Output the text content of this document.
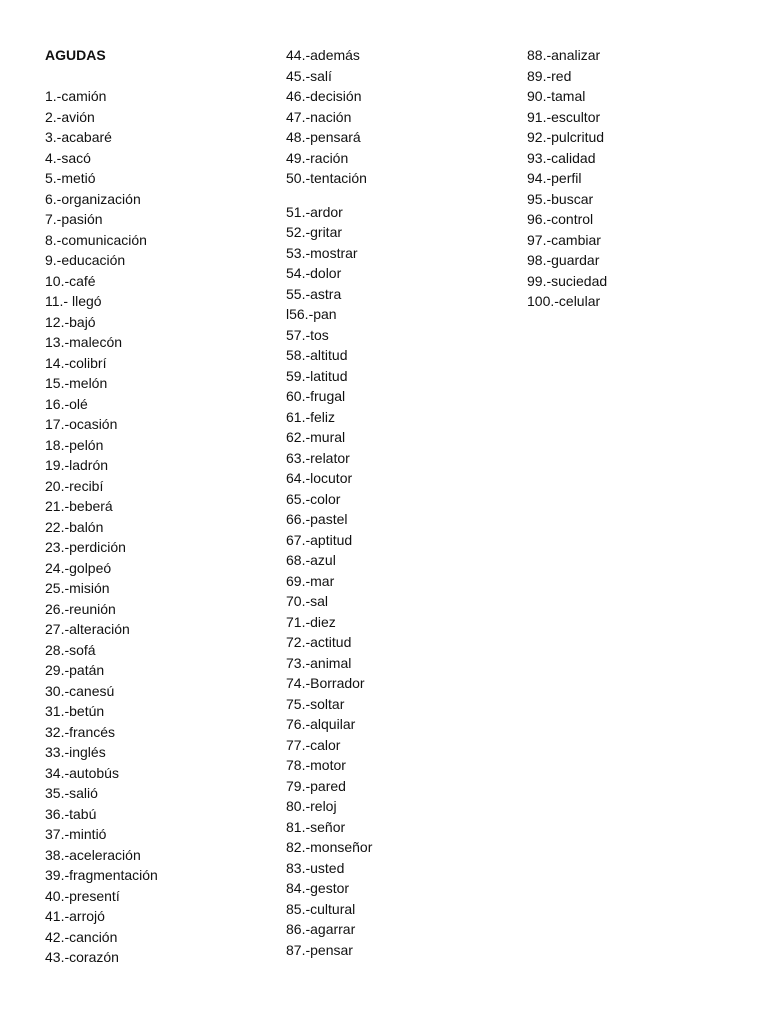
AGUDAS
1.-camión
2.-avión
3.-acabaré
4.-sacó
5.-metió
6.-organización
7.-pasión
8.-comunicación
9.-educación
10.-café
11.- llegó
12.-bajó
13.-malecón
14.-colibrí
15.-melón
16.-olé
17.-ocasión
18.-pelón
19.-ladrón
20.-recibí
21.-beberá
22.-balón
23.-perdición
24.-golpeó
25.-misión
26.-reunión
27.-alteración
28.-sofá
29.-patán
30.-canesú
31.-betún
32.-francés
33.-inglés
34.-autobús
35.-salió
36.-tabú
37.-mintió
38.-aceleración
39.-fragmentación
40.-presentí
41.-arrojó
42.-canción
43.-corazón
44.-además
45.-salí
46.-decisión
47.-nación
48.-pensará
49.-ración
50.-tentación
51.-ardor
52.-gritar
53.-mostrar
54.-dolor
55.-astra
l56.-pan
57.-tos
58.-altitud
59.-latitud
60.-frugal
61.-feliz
62.-mural
63.-relator
64.-locutor
65.-color
66.-pastel
67.-aptitud
68.-azul
69.-mar
70.-sal
71.-diez
72.-actitud
73.-animal
74.-Borrador
75.-soltar
76.-alquilar
77.-calor
78.-motor
79.-pared
80.-reloj
81.-señor
82.-monseñor
83.-usted
84.-gestor
85.-cultural
86.-agarrar
87.-pensar
88.-analizar
89.-red
90.-tamal
91.-escultor
92.-pulcritud
93.-calidad
94.-perfil
95.-buscar
96.-control
97.-cambiar
98.-guardar
99.-suciedad
100.-celular
